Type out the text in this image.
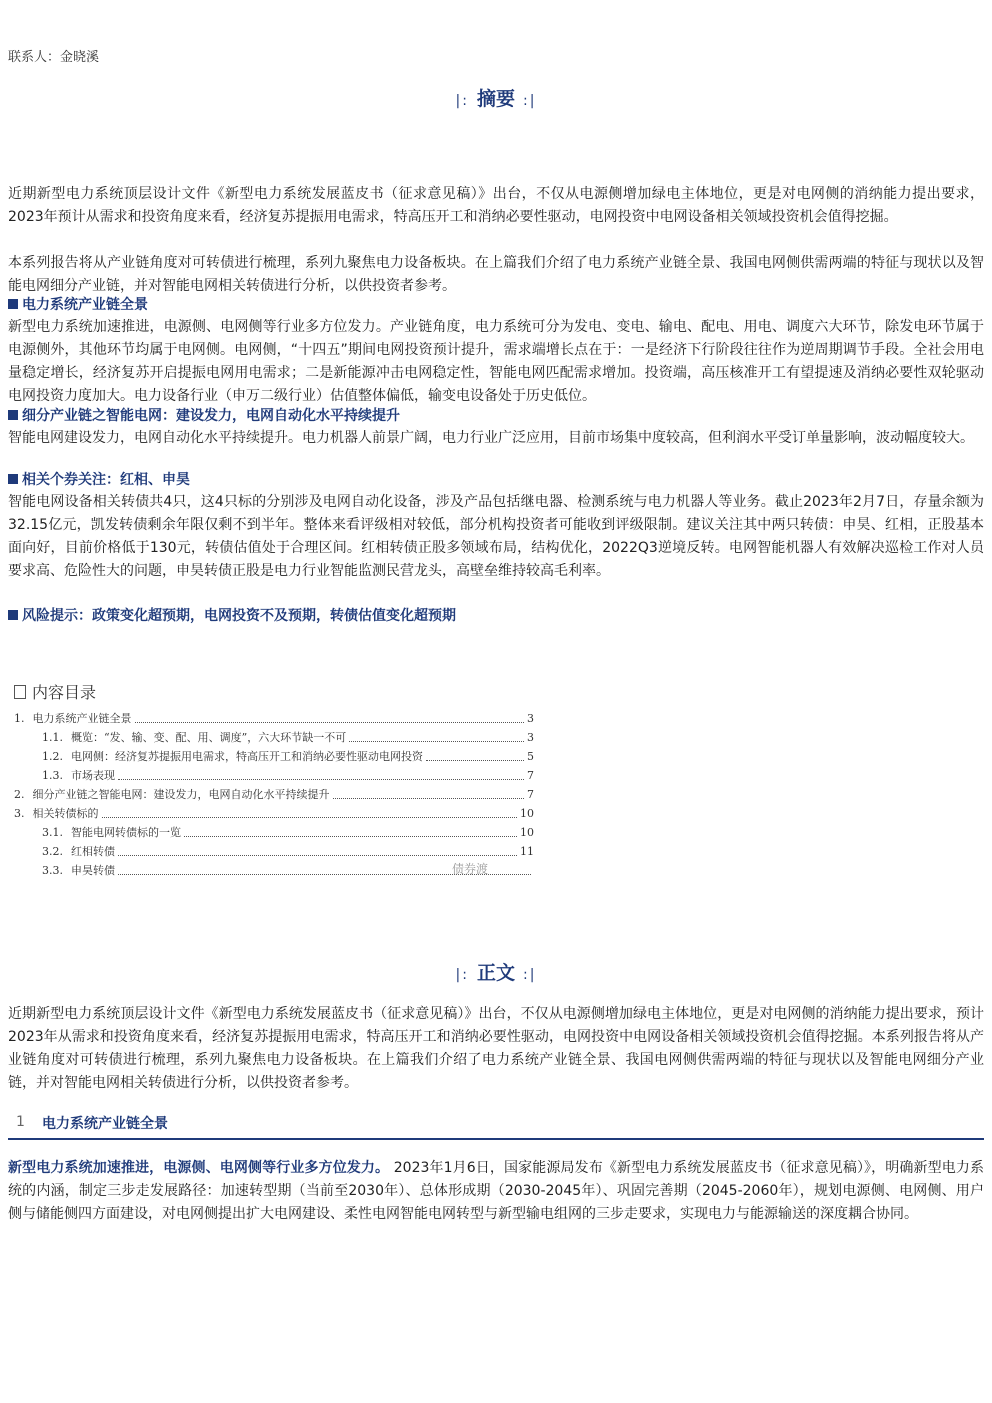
联系人：金晓溪
|: 摘要 :|

近期新型电力系统顶层设计文件《新型电力系统发展蓝皮书（征求意见稿）》出台，不仅从电源侧增加绿电主体地位，更是对电网侧的消纳能力提出要求，2023年预计从需求和投资角度来看，经济复苏提振用电需求，特高压开工和消纳必要性驱动，电网投资中电网设备相关领域投资机会值得挖掘。

本系列报告将从产业链角度对可转债进行梳理，系列九聚焦电力设备板块。在上篇我们介绍了电力系统产业链全景、我国电网侧供需两端的特征与现状以及智能电网细分产业链，并对智能电网相关转债进行分析，以供投资者参考。

电力系统产业链全景

新型电力系统加速推进，电源侧、电网侧等行业多方位发力。产业链角度，电力系统可分为发电、变电、输电、配电、用电、调度六大环节，除发电环节属于电源侧外，其他环节均属于电网侧。电网侧，“十四五”期间电网投资预计提升，需求端增长点在于：一是经济下行阶段往往作为逆周期调节手段。全社会用电量稳定增长，经济复苏开启提振电网用电需求；二是新能源冲击电网稳定性，智能电网匹配需求增加。投资端，高压核准开工有望提速及消纳必要性双轮驱动电网投资力度加大。电力设备行业（申万二级行业）估值整体偏低，输变电设备处于历史低位。

细分产业链之智能电网：建设发力，电网自动化水平持续提升

智能电网建设发力，电网自动化水平持续提升。电力机器人前景广阔，电力行业广泛应用，目前市场集中度较高，但利润水平受订单量影响，波动幅度较大。

相关个券关注：红相、申昊

智能电网设备相关转债共4只，这4只标的分别涉及电网自动化设备，涉及产品包括继电器、检测系统与电力机器人等业务。截止2023年2月7日，存量余额为32.15亿元，凯发转债剩余年限仅剩不到半年。整体来看评级相对较低，部分机构投资者可能收到评级限制。建议关注其中两只转债：申昊、红相，正股基本面向好，目前价格低于130元，转债估值处于合理区间。红相转债正股多领域布局，结构优化，2022Q3逆境反转。电网智能机器人有效解决巡检工作对人员要求高、危险性大的问题，申昊转债正股是电力行业智能监测民营龙头，高壁垒维持较高毛利率。

风险提示：政策变化超预期，电网投资不及预期，转债估值变化超预期
内容目录
1. 电力系统产业链全景	3
1.1. 概览：“发、输、变、配、用、调度”，六大环节缺一不可	3
1.2. 电网侧：经济复苏提振用电需求，特高压开工和消纳必要性驱动电网投资	5
1.3. 市场表现	7
2. 细分产业链之智能电网：建设发力，电网自动化水平持续提升	7
3. 相关转债标的	10
3.1. 智能电网转债标的一览	10
3.2. 红相转债	11
3.3. 申昊转债	债券渡
|: 正文 :|

近期新型电力系统顶层设计文件《新型电力系统发展蓝皮书（征求意见稿）》出台，不仅从电源侧增加绿电主体地位，更是对电网侧的消纳能力提出要求，预计2023年从需求和投资角度来看，经济复苏提振用电需求，特高压开工和消纳必要性驱动，电网投资中电网设备相关领域投资机会值得挖掘。本系列报告将从产业链角度对可转债进行梳理，系列九聚焦电力设备板块。在上篇我们介绍了电力系统产业链全景、我国电网侧供需两端的特征与现状以及智能电网细分产业链，并对智能电网相关转债进行分析，以供投资者参考。

1 电力系统产业链全景

新型电力系统加速推进，电源侧、电网侧等行业多方位发力。 2023年1月6日，国家能源局发布《新型电力系统发展蓝皮书（征求意见稿）》，明确新型电力系统的内涵，制定三步走发展路径：加速转型期（当前至2030年）、总体形成期（2030-2045年）、巩固完善期（2045-2060年），规划电源侧、电网侧、用户侧与储能侧四方面建设，对电网侧提出扩大电网建设、柔性电网智能电网转型与新型输电组网的三步走要求，实现电力与能源输送的深度耦合协同。
